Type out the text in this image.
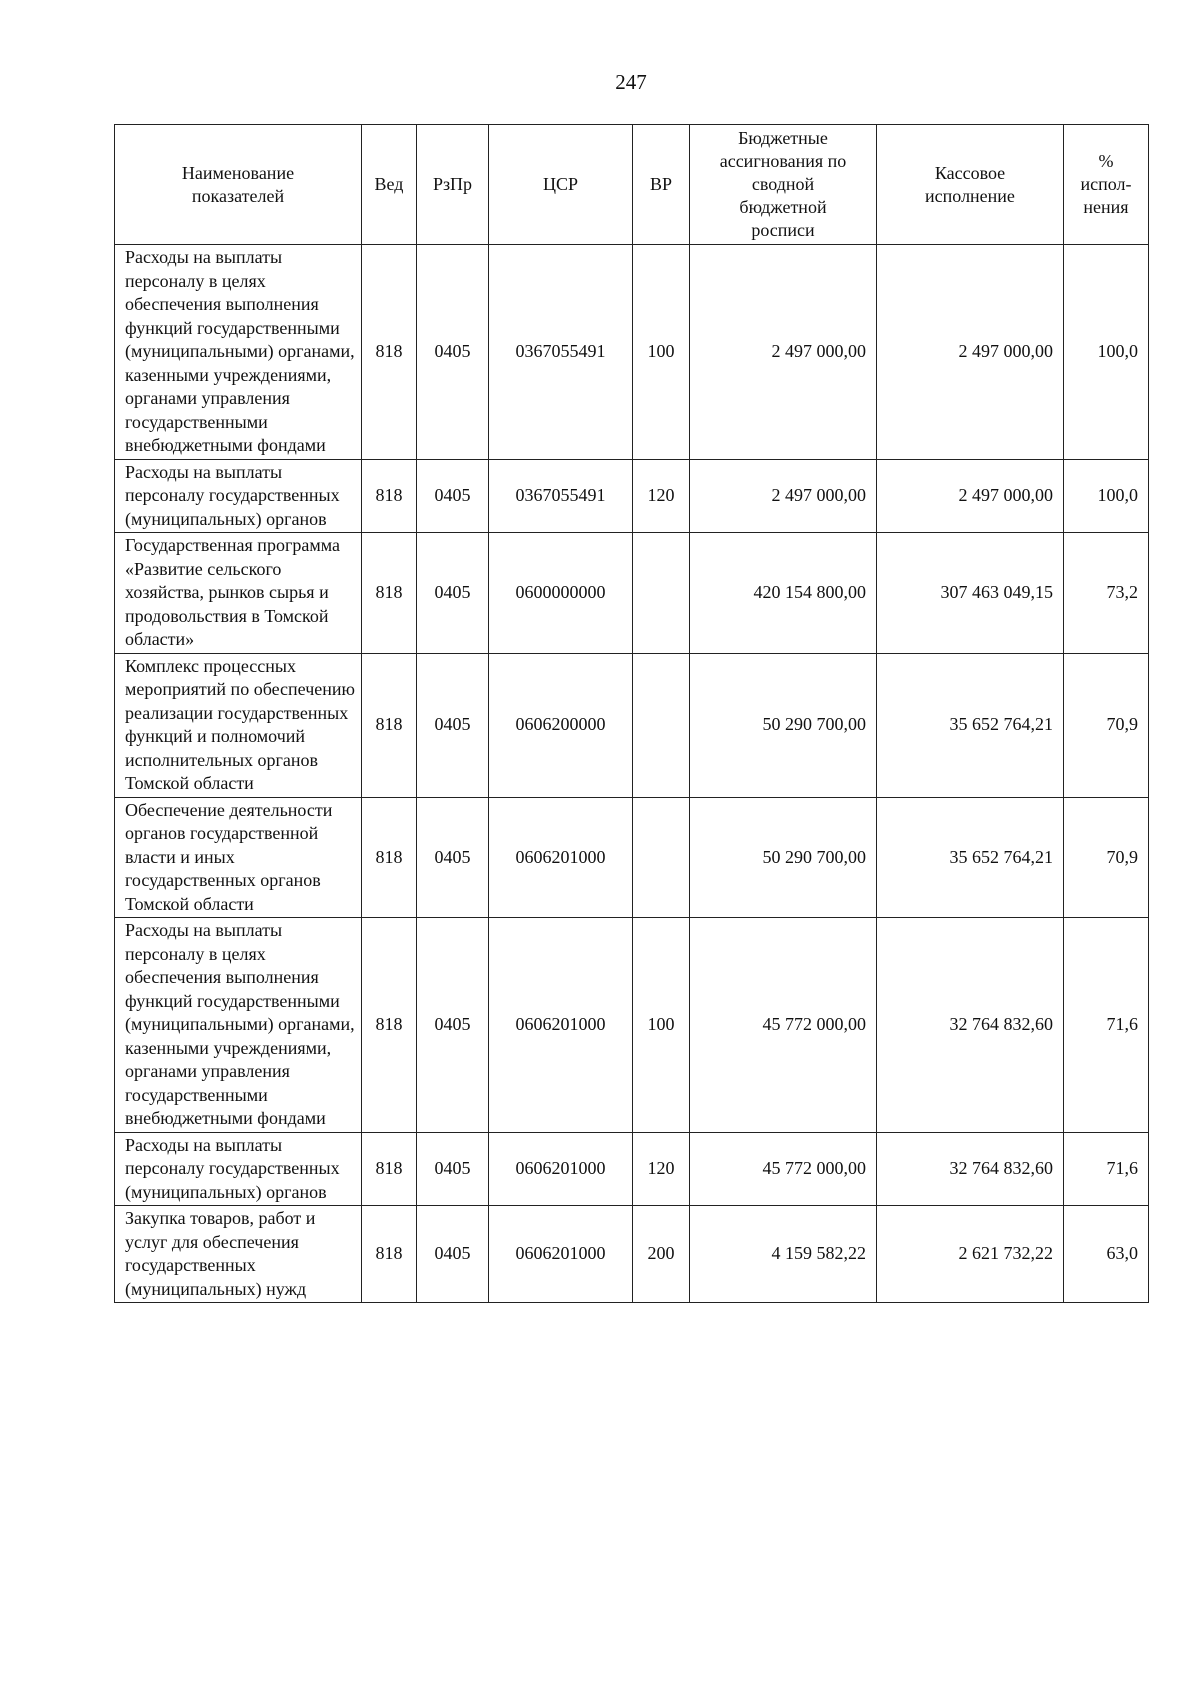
247
Наименование показателей	Вед	РзПр	ЦСР	ВР	Бюджетные ассигнования по сводной бюджетной росписи	Кассовое исполнение	% испол-нения
Расходы на выплаты персоналу в целях обеспечения выполнения функций государственными (муниципальными) органами, казенными учреждениями, органами управления государственными внебюджетными фондами	818	0405	0367055491	100	2 497 000,00	2 497 000,00	100,0
Расходы на выплаты персоналу государственных (муниципальных) органов	818	0405	0367055491	120	2 497 000,00	2 497 000,00	100,0
Государственная программа «Развитие сельского хозяйства, рынков сырья и продовольствия в Томской области»	818	0405	0600000000		420 154 800,00	307 463 049,15	73,2
Комплекс процессных мероприятий по обеспечению реализации государственных функций и полномочий исполнительных органов Томской области	818	0405	0606200000		50 290 700,00	35 652 764,21	70,9
Обеспечение деятельности органов государственной власти и иных государственных органов Томской области	818	0405	0606201000		50 290 700,00	35 652 764,21	70,9
Расходы на выплаты персоналу в целях обеспечения выполнения функций государственными (муниципальными) органами, казенными учреждениями, органами управления государственными внебюджетными фондами	818	0405	0606201000	100	45 772 000,00	32 764 832,60	71,6
Расходы на выплаты персоналу государственных (муниципальных) органов	818	0405	0606201000	120	45 772 000,00	32 764 832,60	71,6
Закупка товаров, работ и услуг для обеспечения государственных (муниципальных) нужд	818	0405	0606201000	200	4 159 582,22	2 621 732,22	63,0
